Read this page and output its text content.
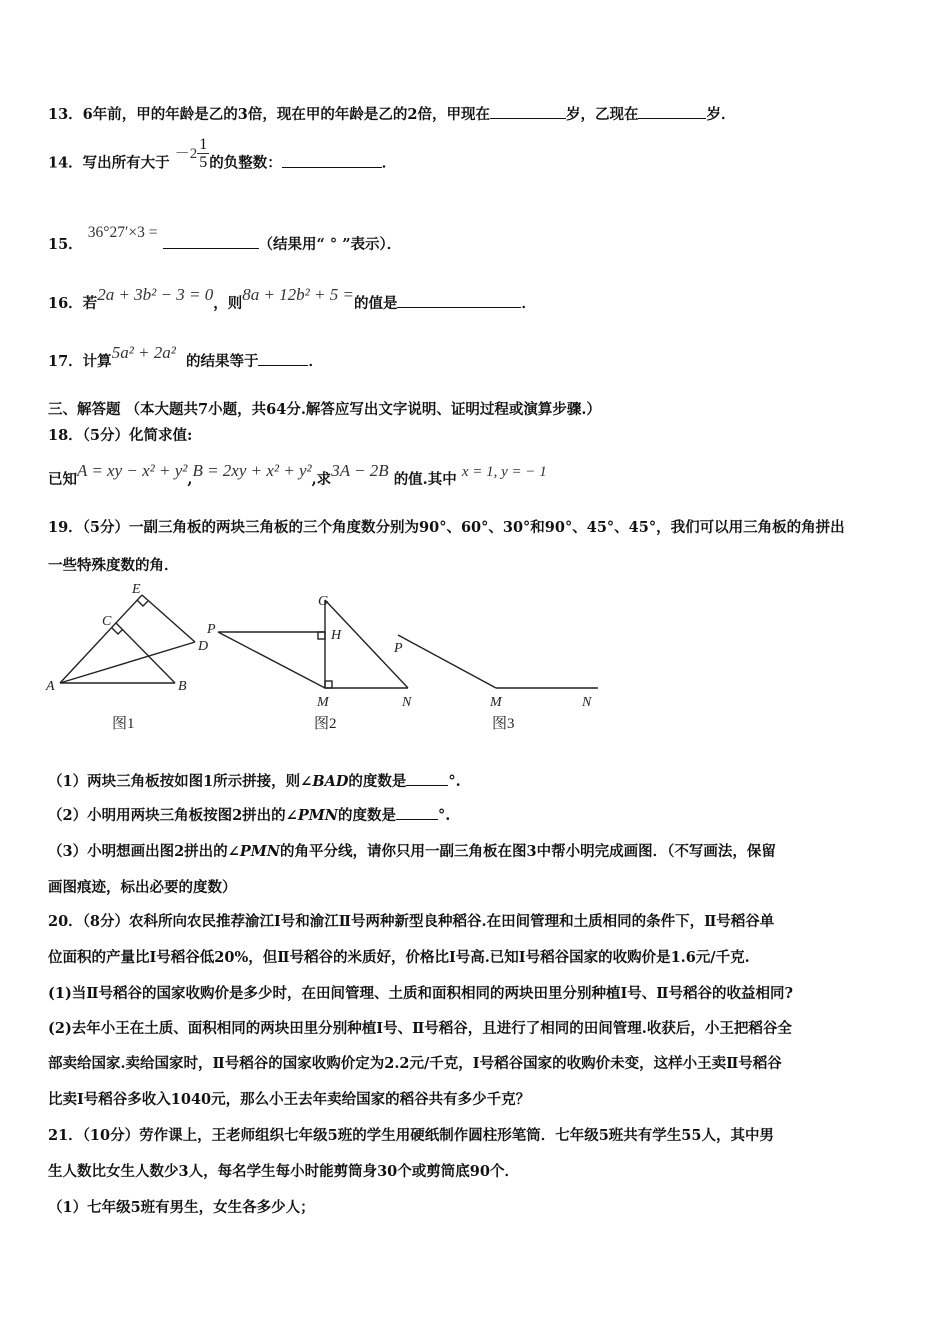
13．6年前，甲的年龄是乙的3倍，现在甲的年龄是乙的2倍，甲现在	岁，乙现在	岁．
14．写出所有大于 $-2 \frac{1}{5}$ 的负整数：	．
15． 36°27′×3 = （结果用“ ° ”表示）．
16．若2a + 3b² − 3 = 0，则8a + 12b² + 5 =的值是	．
17．计算5a² + 2a² 的结果等于	．
三、解答题 （本大题共7小题，共64分.解答应写出文字说明、证明过程或演算步骤.）
18．（5分）化简求值:
已知A = xy − x² + y²,B = 2xy + x² + y²,求3A − 2B 的值.其中 x = 1, y = − 1
19．（5分）一副三角板的两块三角板的三个角度数分别为90°、60°、30°和90°、45°、45°，我们可以用三角板的角拼出
一些特殊度数的角．
E
C
D
A	B
G
P	H
M	N
P
M	N
图1	图2	图3
（1）两块三角板按如图1所示拼接，则∠BAD的度数是	°.
（2）小明用两块三角板按图2拼出的∠PMN的度数是	°.
（3）小明想画出图2拼出的∠PMN的角平分线，请你只用一副三角板在图3中帮小明完成画图．（不写画法，保留
画图痕迹，标出必要的度数）
20．（8分）农科所向农民推荐渝江Ⅰ号和渝江Ⅱ号两种新型良种稻谷.在田间管理和土质相同的条件下，Ⅱ号稻谷单
位面积的产量比Ⅰ号稻谷低20%，但Ⅱ号稻谷的米质好，价格比Ⅰ号高.已知Ⅰ号稻谷国家的收购价是1.6元/千克.
(1)当Ⅱ号稻谷的国家收购价是多少时，在田间管理、土质和面积相同的两块田里分别种植Ⅰ号、Ⅱ号稻谷的收益相同?
(2)去年小王在土质、面积相同的两块田里分别种植Ⅰ号、Ⅱ号稻谷，且进行了相同的田间管理.收获后，小王把稻谷全
部卖给国家.卖给国家时，Ⅱ号稻谷的国家收购价定为2.2元/千克，Ⅰ号稻谷国家的收购价未变，这样小王卖Ⅱ号稻谷
比卖Ⅰ号稻谷多收入1040元，那么小王去年卖给国家的稻谷共有多少千克？
21．（10分）劳作课上，王老师组织七年级5班的学生用硬纸制作圆柱形笔筒．七年级5班共有学生55人，其中男
生人数比女生人数少3人，每名学生每小时能剪筒身30个或剪筒底90个．
（1）七年级5班有男生，女生各多少人；
